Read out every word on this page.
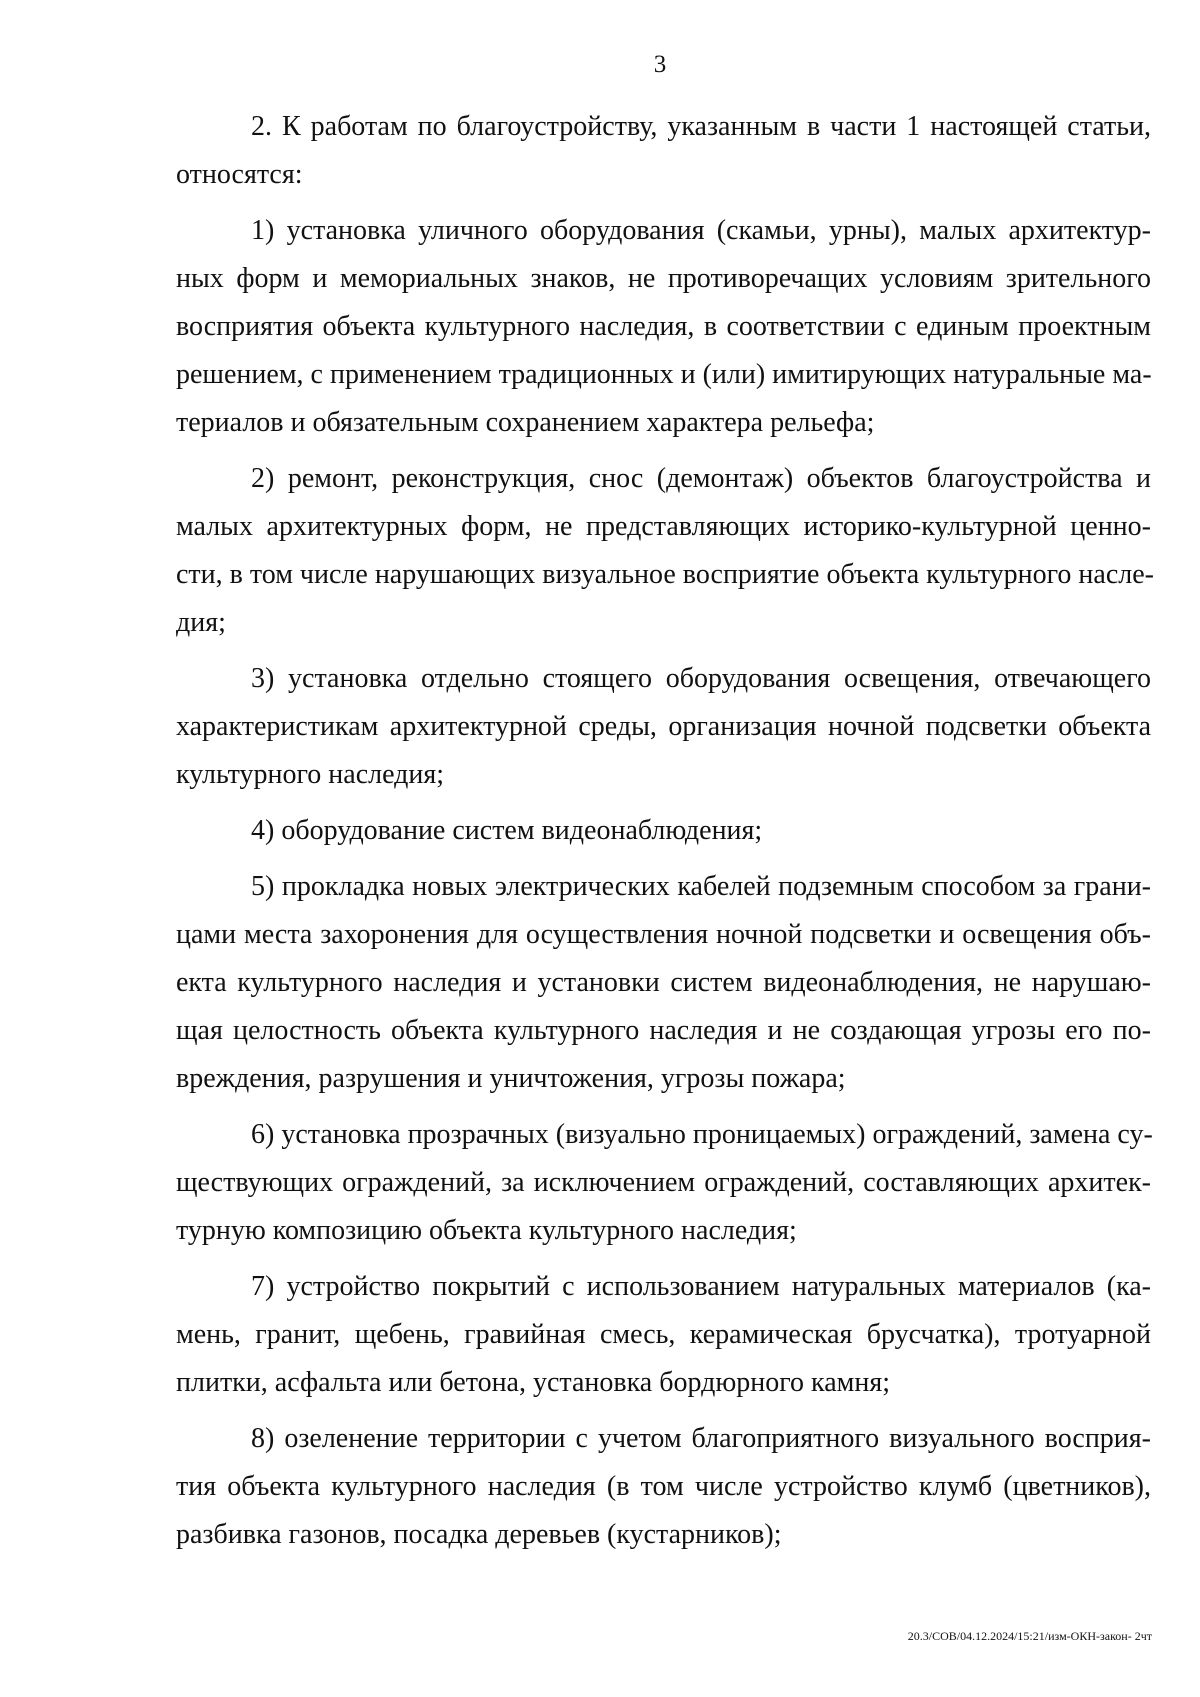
3

2. К работам по благоустройству, указанным в части 1 настоящей статьи,
относятся:

1) установка уличного оборудования (скамьи, урны), малых архитектур-
ных форм и мемориальных знаков, не противоречащих условиям зрительного
восприятия объекта культурного наследия, в соответствии с единым проектным
решением, с применением традиционных и (или) имитирующих натуральные ма-
териалов и обязательным сохранением характера рельефа;

2) ремонт, реконструкция, снос (демонтаж) объектов благоустройства и
малых архитектурных форм, не представляющих историко-культурной ценно-
сти, в том числе нарушающих визуальное восприятие объекта культурного насле-
дия;

3) установка отдельно стоящего оборудования освещения, отвечающего
характеристикам архитектурной среды, организация ночной подсветки объекта
культурного наследия;

4) оборудование систем видеонаблюдения;

5) прокладка новых электрических кабелей подземным способом за грани-
цами места захоронения для осуществления ночной подсветки и освещения объ-
екта культурного наследия и установки систем видеонаблюдения, не нарушаю-
щая целостность объекта культурного наследия и не создающая угрозы его по-
вреждения, разрушения и уничтожения, угрозы пожара;

6) установка прозрачных (визуально проницаемых) ограждений, замена су-
ществующих ограждений, за исключением ограждений, составляющих архитек-
турную композицию объекта культурного наследия;

7) устройство покрытий с использованием натуральных материалов (ка-
мень, гранит, щебень, гравийная смесь, керамическая брусчатка), тротуарной
плитки, асфальта или бетона, установка бордюрного камня;

8) озеленение территории с учетом благоприятного визуального восприя-
тия объекта культурного наследия (в том числе устройство клумб (цветников),
разбивка газонов, посадка деревьев (кустарников);

20.3/СОВ/04.12.2024/15:21/изм-ОКН-закон- 2чт
